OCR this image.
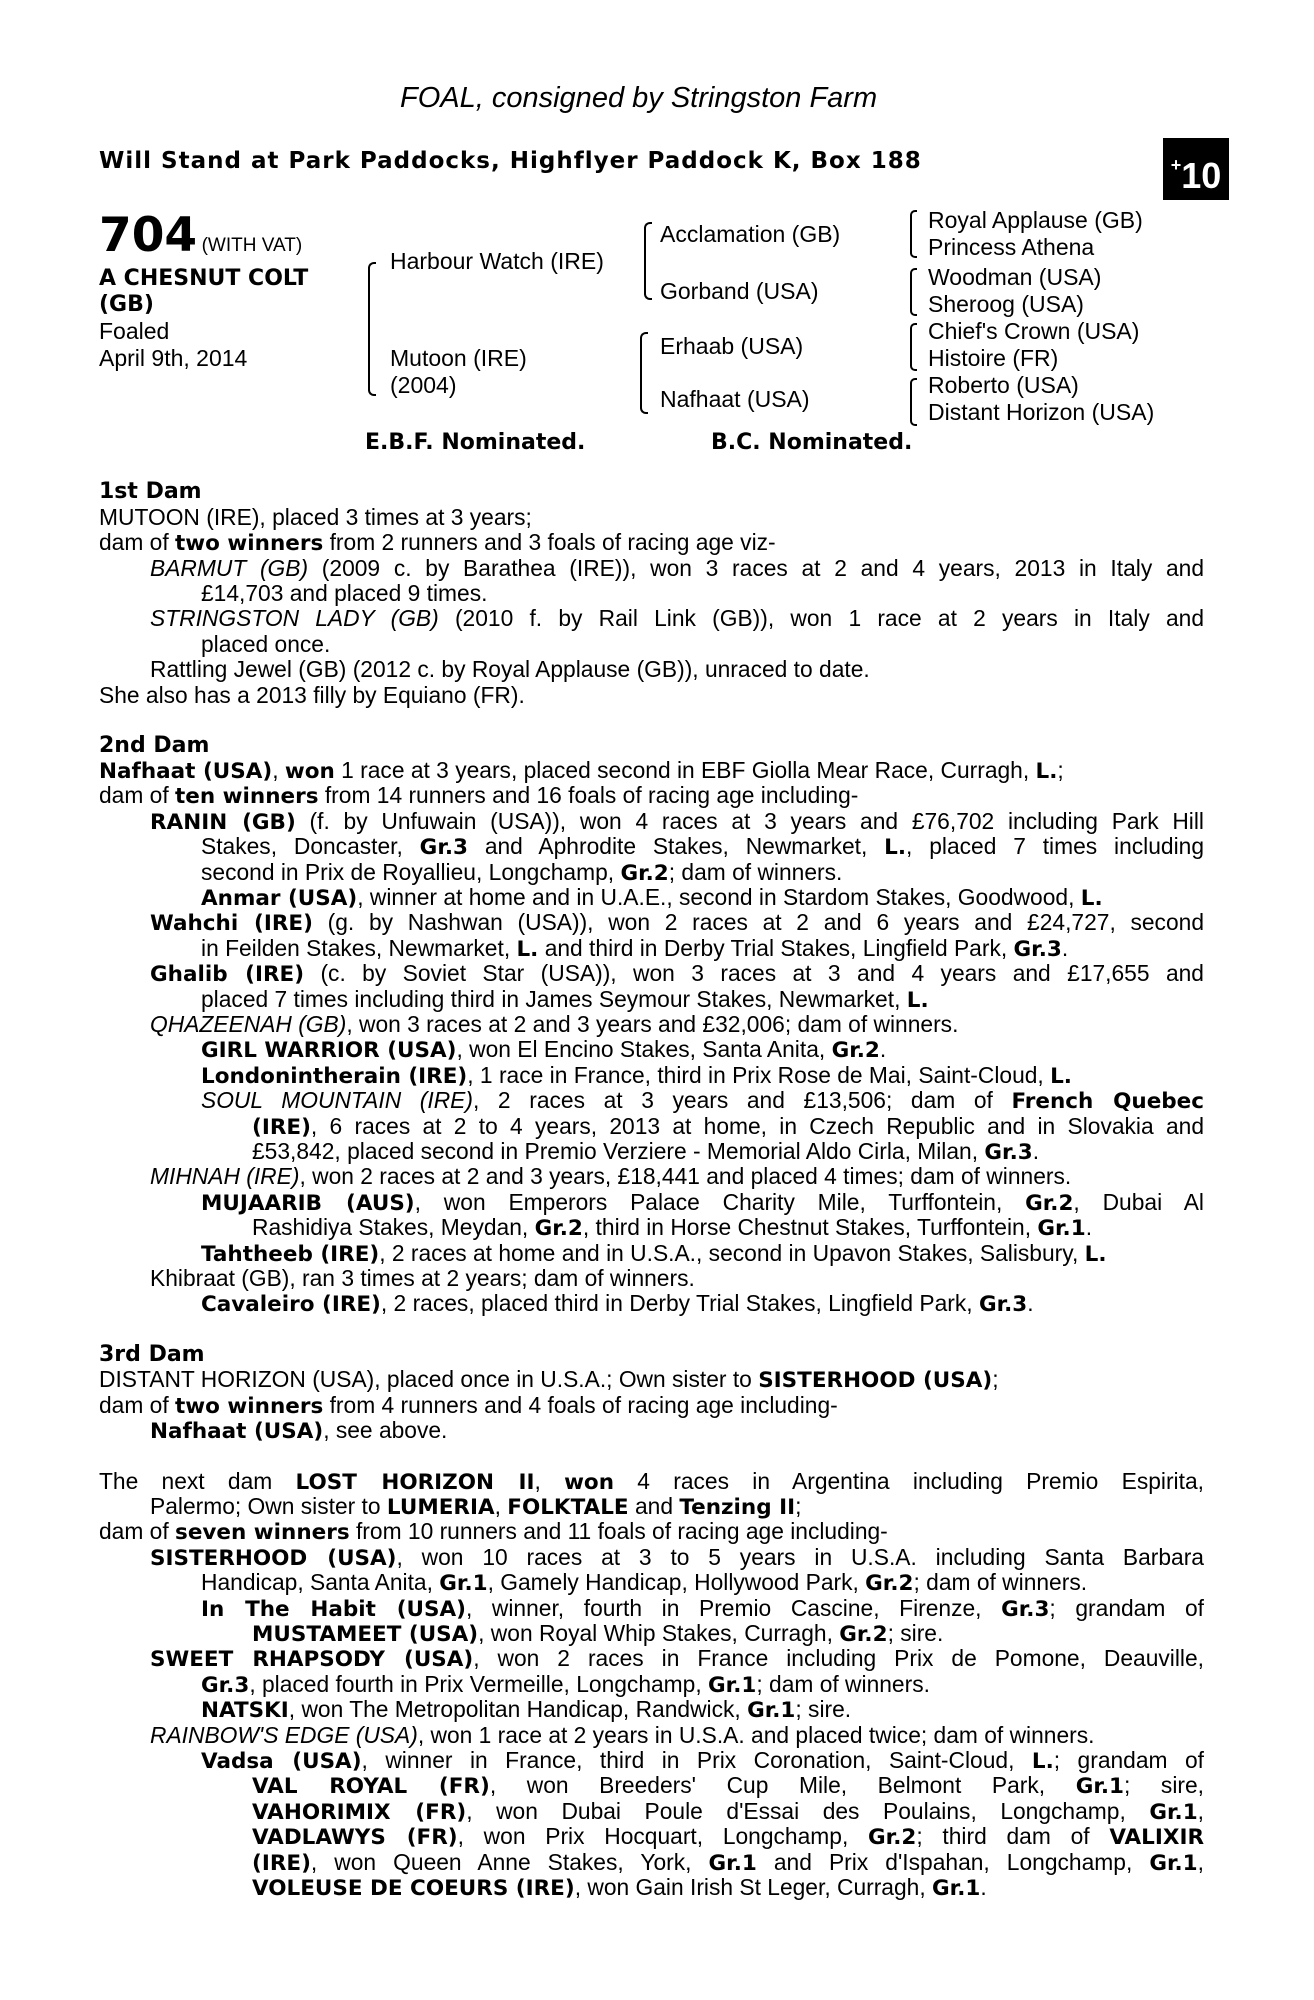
FOAL, consigned by Stringston Farm
Will Stand at Park Paddocks, Highflyer Paddock K, Box 188	+10
704 (WITH VAT)
A CHESNUT COLT
(GB)
Foaled
April 9th, 2014
Harbour Watch (IRE)
Mutoon (IRE)
(2004)
Acclamation (GB)
Gorband (USA)
Erhaab (USA)
Nafhaat (USA)
Royal Applause (GB)
Princess Athena
Woodman (USA)
Sheroog (USA)
Chief's Crown (USA)
Histoire (FR)
Roberto (USA)
Distant Horizon (USA)
E.B.F. Nominated.	B.C. Nominated.
1st Dam
MUTOON (IRE), placed 3 times at 3 years;
dam of two winners from 2 runners and 3 foals of racing age viz-
BARMUT (GB) (2009 c. by Barathea (IRE)), won 3 races at 2 and 4 years, 2013 in Italy and
£14,703 and placed 9 times.
STRINGSTON LADY (GB) (2010 f. by Rail Link (GB)), won 1 race at 2 years in Italy and
placed once.
Rattling Jewel (GB) (2012 c. by Royal Applause (GB)), unraced to date.
She also has a 2013 filly by Equiano (FR).
2nd Dam
Nafhaat (USA), won 1 race at 3 years, placed second in EBF Giolla Mear Race, Curragh, L.;
dam of ten winners from 14 runners and 16 foals of racing age including-
RANIN (GB) (f. by Unfuwain (USA)), won 4 races at 3 years and £76,702 including Park Hill
Stakes, Doncaster, Gr.3 and Aphrodite Stakes, Newmarket, L., placed 7 times including
second in Prix de Royallieu, Longchamp, Gr.2; dam of winners.
Anmar (USA), winner at home and in U.A.E., second in Stardom Stakes, Goodwood, L.
Wahchi (IRE) (g. by Nashwan (USA)), won 2 races at 2 and 6 years and £24,727, second
in Feilden Stakes, Newmarket, L. and third in Derby Trial Stakes, Lingfield Park, Gr.3.
Ghalib (IRE) (c. by Soviet Star (USA)), won 3 races at 3 and 4 years and £17,655 and
placed 7 times including third in James Seymour Stakes, Newmarket, L.
QHAZEENAH (GB), won 3 races at 2 and 3 years and £32,006; dam of winners.
GIRL WARRIOR (USA), won El Encino Stakes, Santa Anita, Gr.2.
Londonintherain (IRE), 1 race in France, third in Prix Rose de Mai, Saint-Cloud, L.
SOUL MOUNTAIN (IRE), 2 races at 3 years and £13,506; dam of French Quebec
(IRE), 6 races at 2 to 4 years, 2013 at home, in Czech Republic and in Slovakia and
£53,842, placed second in Premio Verziere - Memorial Aldo Cirla, Milan, Gr.3.
MIHNAH (IRE), won 2 races at 2 and 3 years, £18,441 and placed 4 times; dam of winners.
MUJAARIB (AUS), won Emperors Palace Charity Mile, Turffontein, Gr.2, Dubai Al
Rashidiya Stakes, Meydan, Gr.2, third in Horse Chestnut Stakes, Turffontein, Gr.1.
Tahtheeb (IRE), 2 races at home and in U.S.A., second in Upavon Stakes, Salisbury, L.
Khibraat (GB), ran 3 times at 2 years; dam of winners.
Cavaleiro (IRE), 2 races, placed third in Derby Trial Stakes, Lingfield Park, Gr.3.
3rd Dam
DISTANT HORIZON (USA), placed once in U.S.A.; Own sister to SISTERHOOD (USA);
dam of two winners from 4 runners and 4 foals of racing age including-
Nafhaat (USA), see above.
The next dam LOST HORIZON II, won 4 races in Argentina including Premio Espirita,
Palermo; Own sister to LUMERIA, FOLKTALE and Tenzing II;
dam of seven winners from 10 runners and 11 foals of racing age including-
SISTERHOOD (USA), won 10 races at 3 to 5 years in U.S.A. including Santa Barbara
Handicap, Santa Anita, Gr.1, Gamely Handicap, Hollywood Park, Gr.2; dam of winners.
In The Habit (USA), winner, fourth in Premio Cascine, Firenze, Gr.3; grandam of
MUSTAMEET (USA), won Royal Whip Stakes, Curragh, Gr.2; sire.
SWEET RHAPSODY (USA), won 2 races in France including Prix de Pomone, Deauville,
Gr.3, placed fourth in Prix Vermeille, Longchamp, Gr.1; dam of winners.
NATSKI, won The Metropolitan Handicap, Randwick, Gr.1; sire.
RAINBOW'S EDGE (USA), won 1 race at 2 years in U.S.A. and placed twice; dam of winners.
Vadsa (USA), winner in France, third in Prix Coronation, Saint-Cloud, L.; grandam of
VAL ROYAL (FR), won Breeders' Cup Mile, Belmont Park, Gr.1; sire,
VAHORIMIX (FR), won Dubai Poule d'Essai des Poulains, Longchamp, Gr.1,
VADLAWYS (FR), won Prix Hocquart, Longchamp, Gr.2; third dam of VALIXIR
(IRE), won Queen Anne Stakes, York, Gr.1 and Prix d'Ispahan, Longchamp, Gr.1,
VOLEUSE DE COEURS (IRE), won Gain Irish St Leger, Curragh, Gr.1.
